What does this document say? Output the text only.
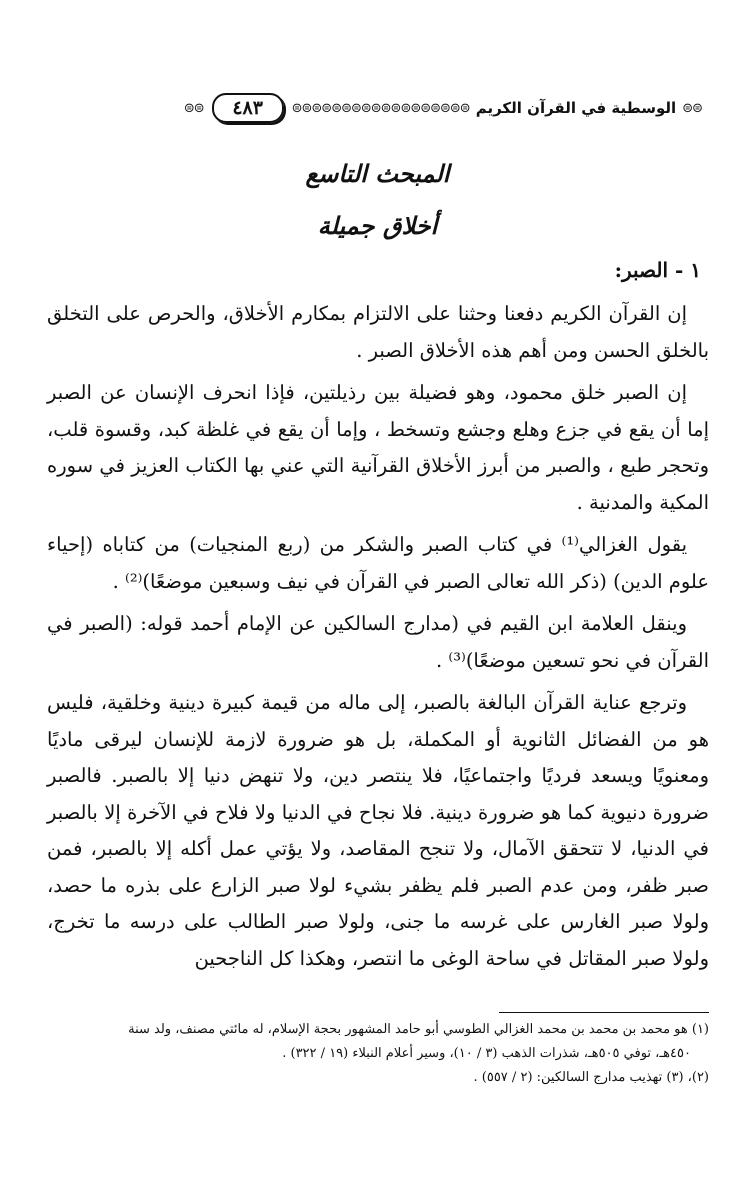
⊜⊜
الوسطية في القرآن الكريم
⊜⊜⊜⊜⊜⊜⊜⊜⊜⊜⊜⊜⊜⊜⊜⊜⊜⊜
٤٨٣
⊜⊜
المبحث التاسع
أخلاق جميلة
١ - الصبر:

إن القرآن الكريم دفعنا وحثنا على الالتزام بمكارم الأخلاق، والحرص على التخلق بالخلق الحسن ومن أهم هذه الأخلاق الصبر .

إن الصبر خلق محمود، وهو فضيلة بين رذيلتين، فإذا انحرف الإنسان عن الصبر إما أن يقع في جزع وهلع وجشع وتسخط ، وإما أن يقع في غلظة كبد، وقسوة قلب، وتحجر طبع ، والصبر من أبرز الأخلاق القرآنية التي عني بها الكتاب العزيز في سوره المكية والمدنية .

يقول الغزالي⁽¹⁾ في كتاب الصبر والشكر من (ربع المنجيات) من كتاباه (إحياء علوم الدين) (ذكر الله تعالى الصبر في القرآن في نيف وسبعين موضعًا)⁽²⁾ .

وينقل العلامة ابن القيم في (مدارج السالكين عن الإمام أحمد قوله: (الصبر في القرآن في نحو تسعين موضعًا)⁽³⁾ .

وترجع عناية القرآن البالغة بالصبر، إلى ماله من قيمة كبيرة دينية وخلقية، فليس هو من الفضائل الثانوية أو المكملة، بل هو ضرورة لازمة للإنسان ليرقى ماديًا ومعنويًا ويسعد فرديًا واجتماعيًا، فلا ينتصر دين، ولا تنهض دنيا إلا بالصبر. فالصبر ضرورة دنيوية كما هو ضرورة دينية. فلا نجاح في الدنيا ولا فلاح في الآخرة إلا بالصبر في الدنيا، لا تتحقق الآمال، ولا تنجح المقاصد، ولا يؤتي عمل أكله إلا بالصبر، فمن صبر ظفر، ومن عدم الصبر فلم يظفر بشيء لولا صبر الزارع على بذره ما حصد، ولولا صبر الغارس على غرسه ما جنى، ولولا صبر الطالب على درسه ما تخرج، ولولا صبر المقاتل في ساحة الوغى ما انتصر، وهكذا كل الناجحين

(١) هو محمد بن محمد بن محمد الغزالي الطوسي أبو حامد المشهور بحجة الإسلام، له مائتي مصنف، ولد سنة

٤٥٠هـ، توفي ٥٠٥هـ، شذرات الذهب (٣ / ١٠)، وسير أعلام النبلاء (١٩ / ٣٢٢) .

(٢)، (٣) تهذيب مدارج السالكين: (٢ / ٥٥٧) .
